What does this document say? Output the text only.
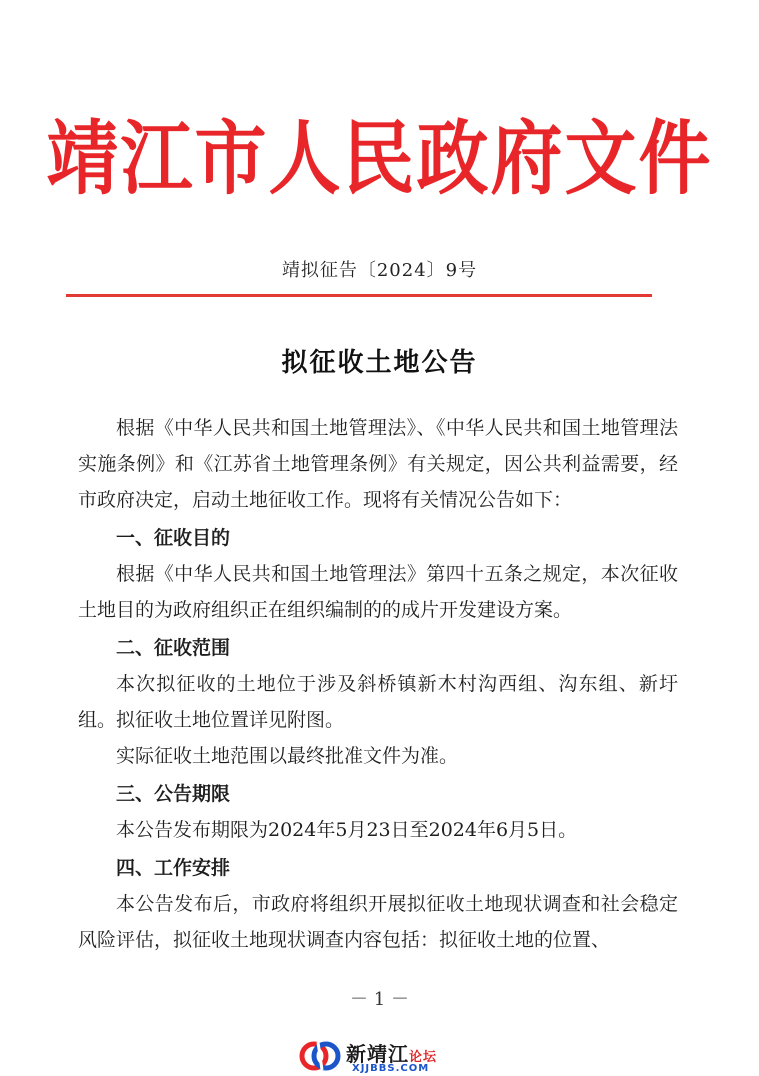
靖江市人民政府文件
靖拟征告〔2024〕9号
拟征收土地公告

根据《中华人民共和国土地管理法》、《中华人民共和国土地管理法实施条例》和《江苏省土地管理条例》有关规定，因公共利益需要，经市政府决定，启动土地征收工作。现将有关情况公告如下：

一、征收目的

根据《中华人民共和国土地管理法》第四十五条之规定，本次征收土地目的为政府组织正在组织编制的的成片开发建设方案。

二、征收范围

本次拟征收的土地位于涉及斜桥镇新木村沟西组、沟东组、新圩组。拟征收土地位置详见附图。

实际征收土地范围以最终批准文件为准。

三、公告期限

本公告发布期限为2024年5月23日至2024年6月5日。

四、工作安排

本公告发布后，市政府将组织开展拟征收土地现状调查和社会稳定风险评估，拟征收土地现状调查内容包括：拟征收土地的位置、

－ 1 －
新靖江论坛
XJJBBS.COM
